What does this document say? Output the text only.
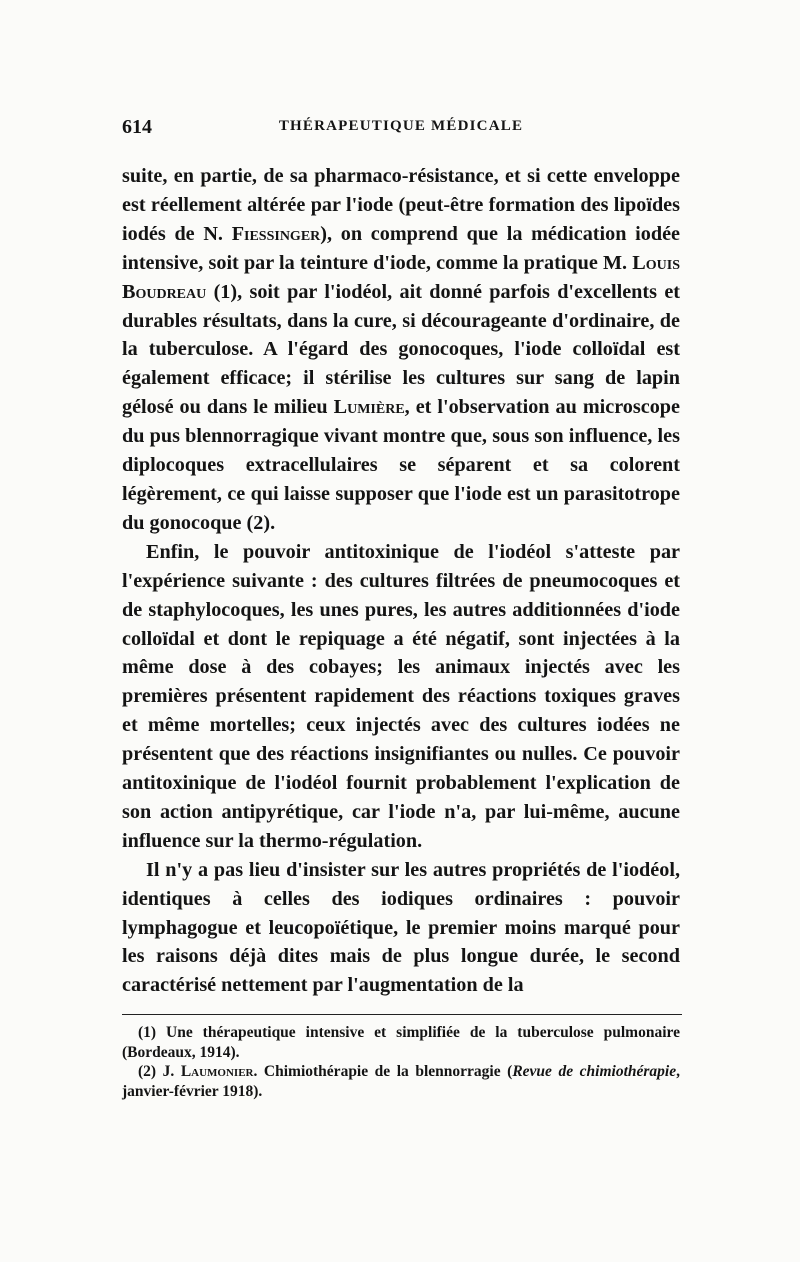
614	THÉRAPEUTIQUE MÉDICALE

suite, en partie, de sa pharmaco-résistance, et si cette enveloppe est réellement altérée par l'iode (peut-être formation des lipoïdes iodés de N. Fiessinger), on comprend que la médication iodée intensive, soit par la teinture d'iode, comme la pratique M. Louis Boudreau (1), soit par l'iodéol, ait donné parfois d'excellents et durables résultats, dans la cure, si décourageante d'ordinaire, de la tuberculose. A l'égard des gonocoques, l'iode colloïdal est également efficace; il stérilise les cultures sur sang de lapin gélosé ou dans le milieu Lumière, et l'observation au microscope du pus blennorragique vivant montre que, sous son influence, les diplocoques extracellulaires se séparent et sa colorent légèrement, ce qui laisse supposer que l'iode est un parasitotrope du gonocoque (2).

Enfin, le pouvoir antitoxinique de l'iodéol s'atteste par l'expérience suivante : des cultures filtrées de pneumocoques et de staphylocoques, les unes pures, les autres additionnées d'iode colloïdal et dont le repiquage a été négatif, sont injectées à la même dose à des cobayes; les animaux injectés avec les premières présentent rapidement des réactions toxiques graves et même mortelles; ceux injectés avec des cultures iodées ne présentent que des réactions insignifiantes ou nulles. Ce pouvoir antitoxinique de l'iodéol fournit probablement l'explication de son action antipyrétique, car l'iode n'a, par lui-même, aucune influence sur la thermo-régulation.

Il n'y a pas lieu d'insister sur les autres propriétés de l'iodéol, identiques à celles des iodiques ordinaires : pouvoir lymphagogue et leucopoïétique, le premier moins marqué pour les raisons déjà dites mais de plus longue durée, le second caractérisé nettement par l'augmentation de la

(1) Une thérapeutique intensive et simplifiée de la tuberculose pulmonaire (Bordeaux, 1914).

(2) J. Laumonier. Chimiothérapie de la blennorragie (Revue de chimiothérapie, janvier-février 1918).
